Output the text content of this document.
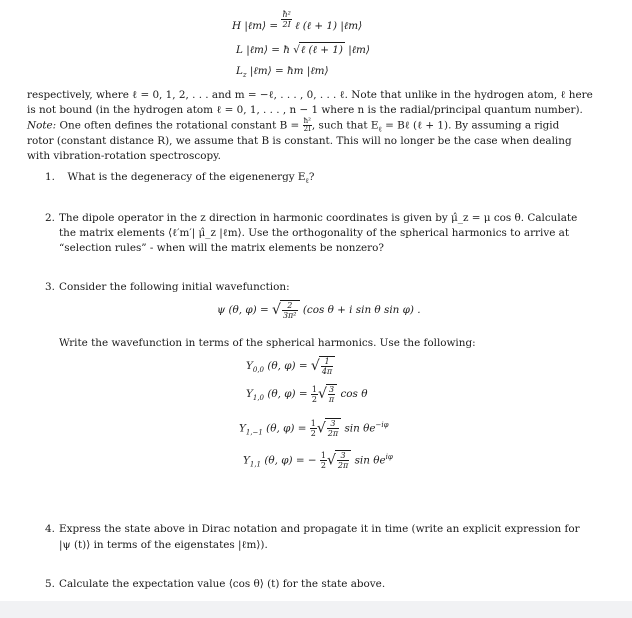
H |ℓm⟩ = $\frac{\text{ħ²}}{2I}$ ℓ (ℓ + 1) |ℓm⟩
L |ℓm⟩ = ħ √ℓ (ℓ + 1) |ℓm⟩
$L_z$ |ℓm⟩ = ħm |ℓm⟩
respectively, where ℓ = 0, 1, 2, . . . and m = −ℓ, . . . , 0, . . . ℓ. Note that unlike in the hydrogen atom, ℓ here
is not bound (in the hydrogen atom ℓ = 0, 1, . . . , n − 1 where n is the radial/principal quantum number).
Note: One often defines the rotational constant $B = \frac{\text{ħ²}}{2I}$ , such that $E_\ell$ = Bℓ (ℓ + 1). By assuming a rigid
rotor (constant distance R), we assume that B is constant. This will no longer be the case when dealing
with vibration-rotation spectroscopy.
1. What is the degeneracy of the eigenenergy $E_\ell$?
2. The dipole operator in the z direction in harmonic coordinates is given by μ̂_z = μ cos θ. Calculate
the matrix elements ⟨ℓ′m′| μ̂_z |ℓm⟩. Use the orthogonality of the spherical harmonics to arrive at
“selection rules” - when will the matrix elements be nonzero?
3. Consider the following initial wavefunction:
ψ (θ, φ) = √ $\frac{2}{\text{3π²}} (\cos$ θ + i sin θ sin φ) .
Write the wavefunction in terms of the spherical harmonics. Use the following:
$Y_{0,0}$ (θ, φ) = √ $\frac{1}{4\pi}$
$Y_{1,0}$ (θ, $\varphi) = \frac{1}{2}$ √ $\frac{3}{\pi}$ cos θ
$Y_{1,-1}$ (θ, $\varphi) = \frac{1}{2}$ √ $\frac{3}{2\pi}$ $\sin \theta e^{-i\varphi}$
$Y_{1,1}$ (θ, φ) = − $\frac{1}{2}$ √ $\frac{3}{2\pi}$ $\sin \theta e^{i\varphi}$
4. Express the state above in Dirac notation and propagate it in time (write an explicit expression for
|ψ (t)⟩ in terms of the eigenstates |ℓm⟩).
5. Calculate the expectation value ⟨cos θ⟩ (t) for the state above.
